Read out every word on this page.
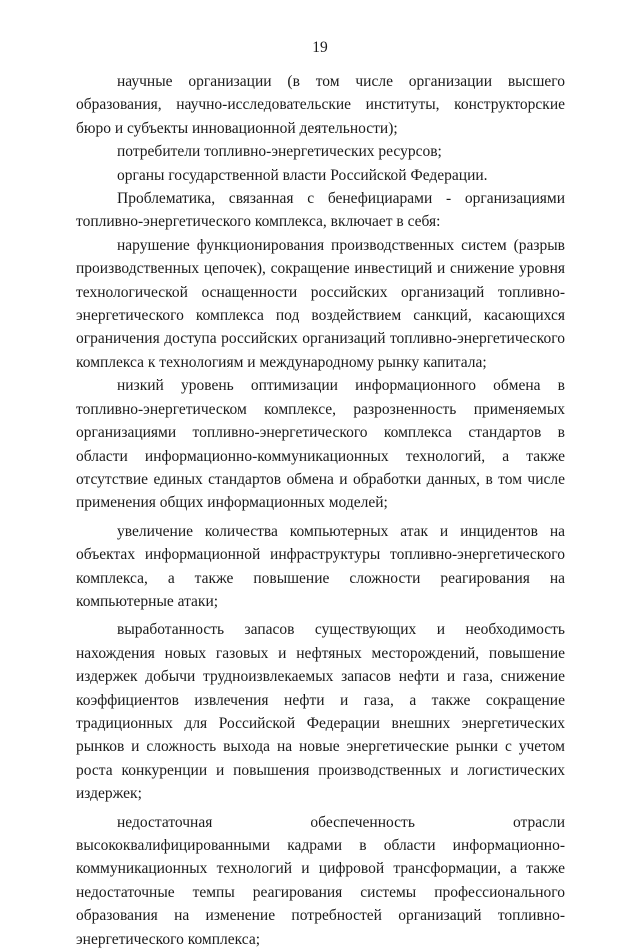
19

научные организации (в том числе организации высшего образования, научно-исследовательские институты, конструкторские бюро и субъекты инновационной деятельности);

потребители топливно-энергетических ресурсов;

органы государственной власти Российской Федерации.

Проблематика, связанная с бенефициарами - организациями топливно-энергетического комплекса, включает в себя:

нарушение функционирования производственных систем (разрыв производственных цепочек), сокращение инвестиций и снижение уровня технологической оснащенности российских организаций топливно-энергетического комплекса под воздействием санкций, касающихся ограничения доступа российских организаций топливно-энергетического комплекса к технологиям и международному рынку капитала;

низкий уровень оптимизации информационного обмена в топливно-энергетическом комплексе, разрозненность применяемых организациями топливно-энергетического комплекса стандартов в области информационно-коммуникационных технологий, а также отсутствие единых стандартов обмена и обработки данных, в том числе применения общих информационных моделей;

увеличение количества компьютерных атак и инцидентов на объектах информационной инфраструктуры топливно-энергетического комплекса, а также повышение сложности реагирования на компьютерные атаки;

выработанность запасов существующих и необходимость нахождения новых газовых и нефтяных месторождений, повышение издержек добычи трудноизвлекаемых запасов нефти и газа, снижение коэффициентов извлечения нефти и газа, а также сокращение традиционных для Российской Федерации внешних энергетических рынков и сложность выхода на новые энергетические рынки с учетом роста конкуренции и повышения производственных и логистических издержек;

недостаточная обеспеченность отрасли высококвалифицированными кадрами в области информационно-коммуникационных технологий и цифровой трансформации, а также недостаточные темпы реагирования системы профессионального образования на изменение потребностей организаций топливно-энергетического комплекса;
